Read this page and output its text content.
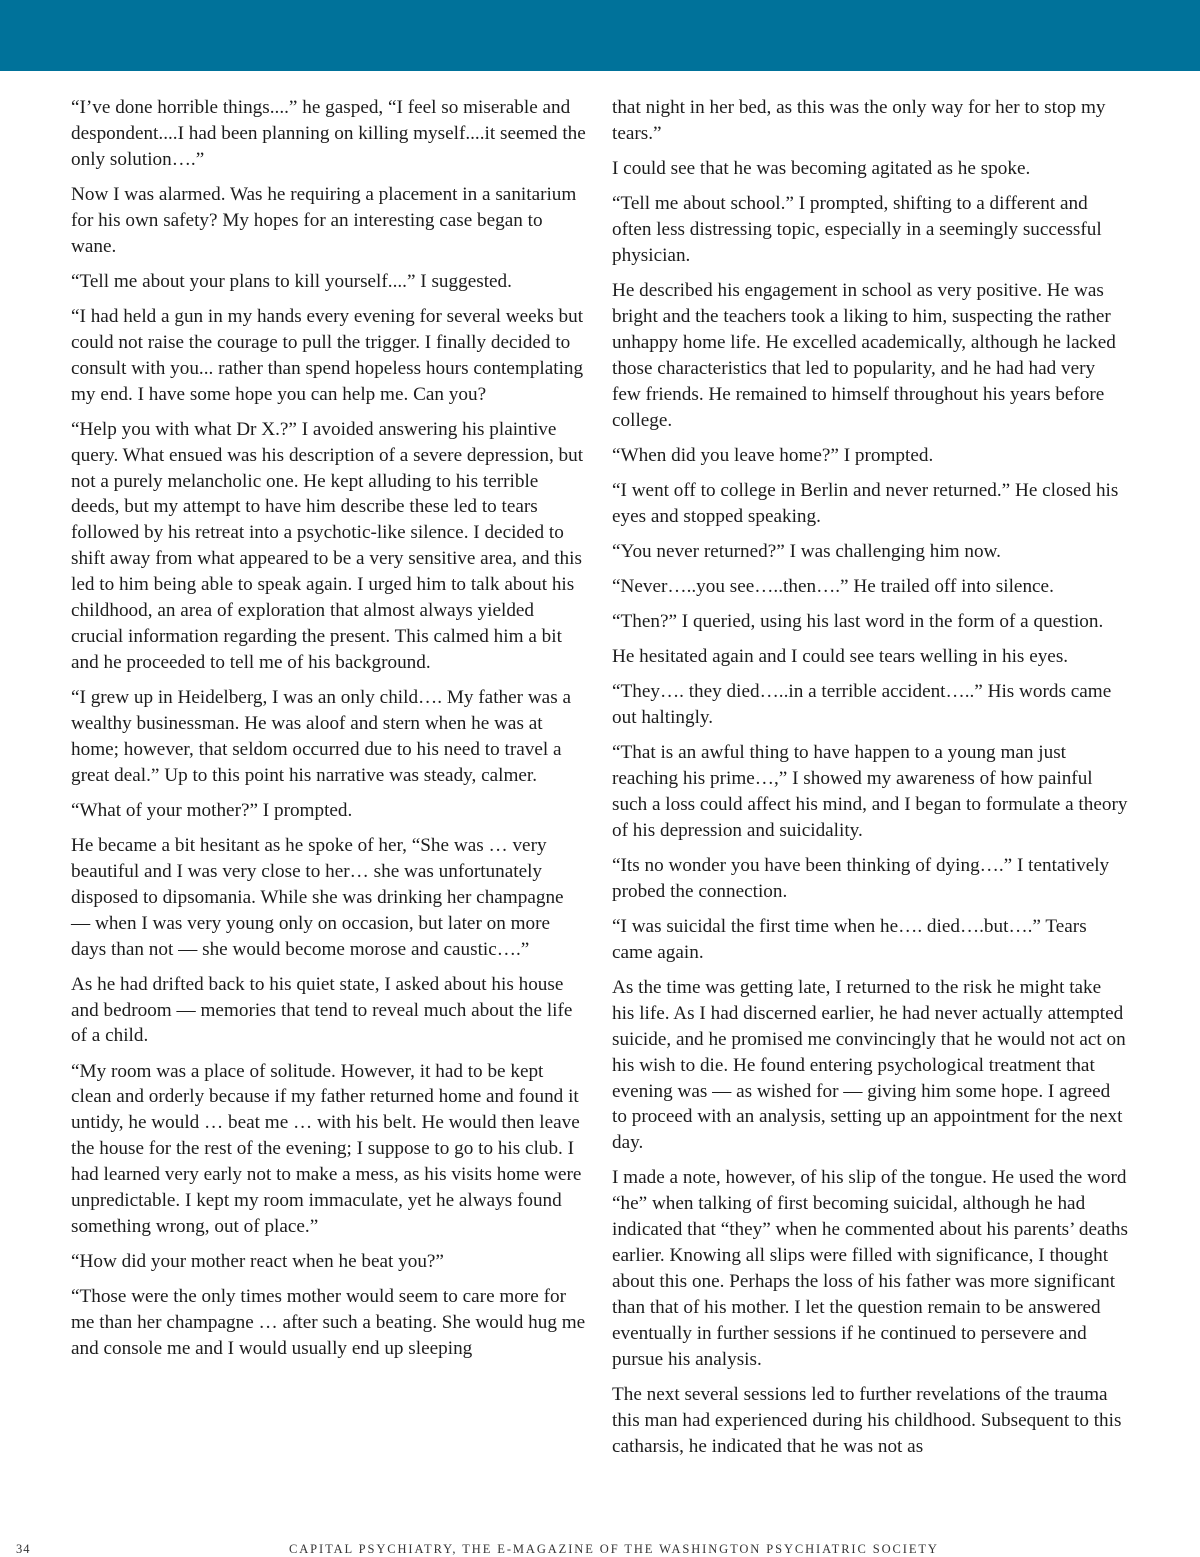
“I’ve done horrible things....” he gasped, “I feel so miserable and despondent....I had been planning on killing myself....it seemed the only solution….”

Now I was alarmed. Was he requiring a placement in a sanitarium for his own safety? My hopes for an interesting case began to wane.

“Tell me about your plans to kill yourself....” I suggested.

“I had held a gun in my hands every evening for several weeks but could not raise the courage to pull the trigger. I finally decided to consult with you... rather than spend hopeless hours contemplating my end. I have some hope you can help me. Can you?

“Help you with what Dr X.?” I avoided answering his plaintive query. What ensued was his description of a severe depression, but not a purely melancholic one. He kept alluding to his terrible deeds, but my attempt to have him describe these led to tears followed by his retreat into a psychotic-like silence. I decided to shift away from what appeared to be a very sensitive area, and this led to him being able to speak again. I urged him to talk about his childhood, an area of exploration that almost always yielded crucial information regarding the present. This calmed him a bit and he proceeded to tell me of his background.

“I grew up in Heidelberg, I was an only child…. My father was a wealthy businessman. He was aloof and stern when he was at home; however, that seldom occurred due to his need to travel a great deal.” Up to this point his narrative was steady, calmer.

“What of your mother?” I prompted.

He became a bit hesitant as he spoke of her, “She was … very beautiful and I was very close to her… she was unfortunately disposed to dipsomania. While she was drinking her champagne — when I was very young only on occasion, but later on more days than not — she would become morose and caustic….”

As he had drifted back to his quiet state, I asked about his house and bedroom — memories that tend to reveal much about the life of a child.

“My room was a place of solitude. However, it had to be kept clean and orderly because if my father returned home and found it untidy, he would … beat me … with his belt. He would then leave the house for the rest of the evening; I suppose to go to his club. I had learned very early not to make a mess, as his visits home were unpredictable. I kept my room immaculate, yet he always found something wrong, out of place.”

“How did your mother react when he beat you?”

“Those were the only times mother would seem to care more for me than her champagne … after such a beating. She would hug me and console me and I would usually end up sleeping

that night in her bed, as this was the only way for her to stop my tears.”

I could see that he was becoming agitated as he spoke.

“Tell me about school.” I prompted, shifting to a different and often less distressing topic, especially in a seemingly successful physician.

He described his engagement in school as very positive. He was bright and the teachers took a liking to him, suspecting the rather unhappy home life. He excelled academically, although he lacked those characteristics that led to popularity, and he had had very few friends. He remained to himself throughout his years before college.

“When did you leave home?” I prompted.

“I went off to college in Berlin and never returned.” He closed his eyes and stopped speaking.

“You never returned?” I was challenging him now.

“Never…..you see…..then….” He trailed off into silence.

“Then?” I queried, using his last word in the form of a question.

He hesitated again and I could see tears welling in his eyes.

“They…. they died…..in a terrible accident…..” His words came out haltingly.

“That is an awful thing to have happen to a young man just reaching his prime…,” I showed my awareness of how painful such a loss could affect his mind, and I began to formulate a theory of his depression and suicidality.

“Its no wonder you have been thinking of dying….” I tentatively probed the connection.

“I was suicidal the first time when he…. died….but….” Tears came again.

As the time was getting late, I returned to the risk he might take his life. As I had discerned earlier, he had never actually attempted suicide, and he promised me convincingly that he would not act on his wish to die. He found entering psychological treatment that evening was — as wished for — giving him some hope. I agreed to proceed with an analysis, setting up an appointment for the next day.

I made a note, however, of his slip of the tongue. He used the word “he” when talking of first becoming suicidal, although he had indicated that “they” when he commented about his parents’ deaths earlier. Knowing all slips were filled with significance, I thought about this one. Perhaps the loss of his father was more significant than that of his mother. I let the question remain to be answered eventually in further sessions if he continued to persevere and pursue his analysis.

The next several sessions led to further revelations of the trauma this man had experienced during his childhood. Subsequent to this catharsis, he indicated that he was not as

34	CAPITAL PSYCHIATRY, THE E-MAGAZINE OF THE WASHINGTON PSYCHIATRIC SOCIETY
